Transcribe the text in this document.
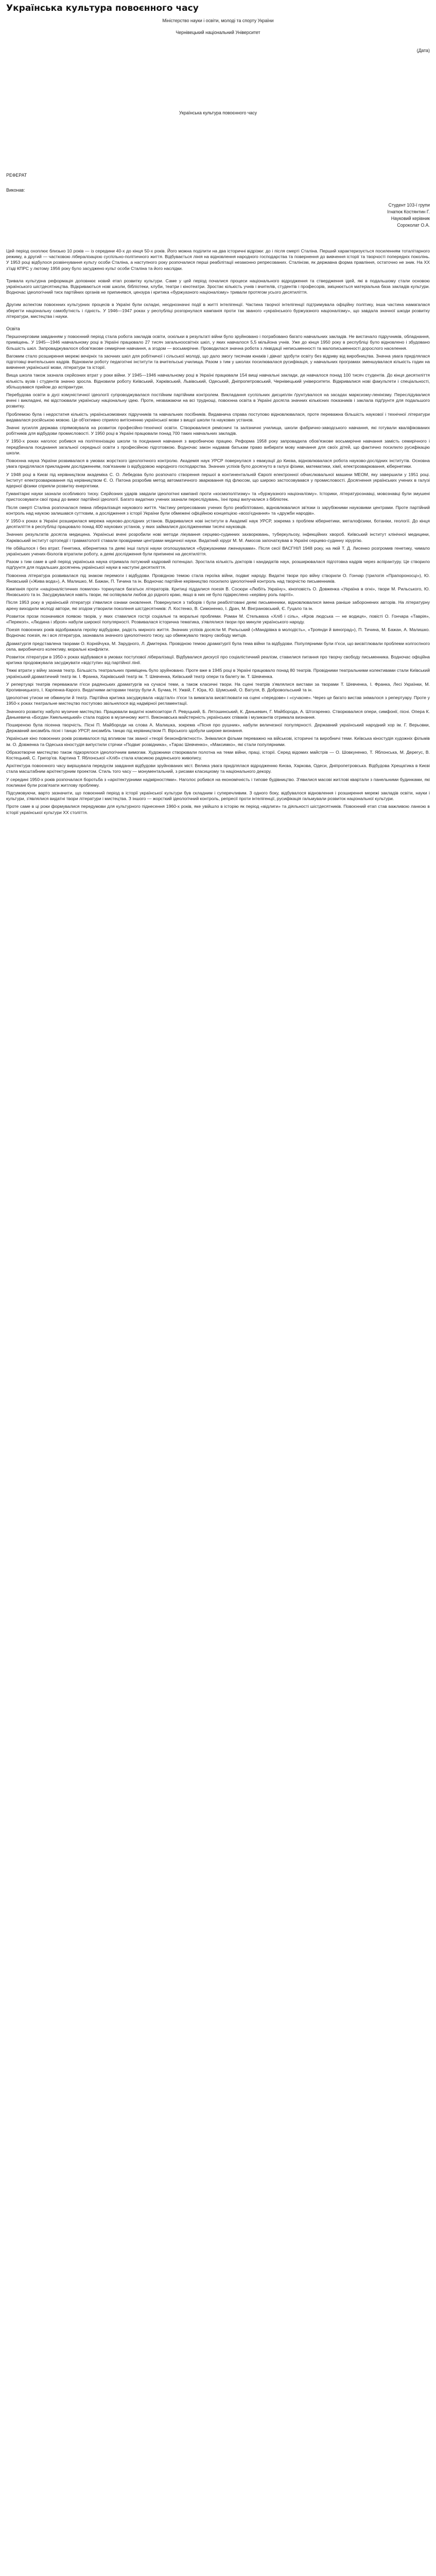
Українська культура повоєнного часу

Міністерство науки і освіти, молоді та спорту України

Чернівецький національний Університет

(Дата)

Українська культура повоєнного часу

РЕФЕРАТ

Виконав:

Студент 103-ї групи

Ігнатюк Костянтин Г.

Науковий керівник

Сороколат О.А.

Цей період охоплює близько 10 років — із середини 40-х до кінця 50-х років. Його можна поділити на два історичні відрізки: до і після смерті Сталіна. Перший характеризується посиленням тоталітарного режиму, а другий — частковою лібералізацією суспільно-політичного життя. Відбувається лінія на відновлення народного господарства та повернення до вивчення історії та творчості попередніх поколінь. У 1953 році відбулося розвінчування культу особи Сталіна, а наступного року розпочалися перші реабілітації незаконно репресованих. Сталінізм, як державна форма правління, остаточно не зник. На ХХ з'їзді КПРС у лютому 1956 року було засуджено культ особи Сталіна та його наслідки.

Тривала культурна реформація доповнює новий етап розвитку культури. Саме у цей період почалися процеси національного відродження та ствердження ідей, які в подальшому стали основою українського шістдесятництва. Відкриваються нові школи, бібліотеки, клуби, театри і кінотеатри. Зростає кількість учнів і вчителів, студентів і професорів, зміцнюється матеріальна база закладів культури. Водночас ідеологічний тиск партійних органів не припинявся, цензура і критика «буржуазного націоналізму» тривали протягом усього десятиліття.

Другим аспектом повоєнних культурних процесів в Україні були складні, неоднозначні події в житті інтелігенції. Частина творчої інтелігенції підтримувала офіційну політику, інша частина намагалася зберегти національну самобутність і гідність. У 1946—1947 роках у республіці розгорнулася кампанія проти так званого «українського буржуазного націоналізму», що завдала значної шкоди розвитку літератури, мистецтва і науки.

Освіта

Першочерговим завданням у повоєнний період стала робота закладів освіти, оскільки в результаті війни було зруйновано і пограбовано багато навчальних закладів. Не вистачало підручників, обладнання, приміщень. У 1945—1946 навчальному році в Україні працювало 27 тисяч загальноосвітніх шкіл, у яких навчалося 5,5 мільйона учнів. Уже до кінця 1950 року в республіці було відновлено і збудовано більшість шкіл. Запроваджувалося обов'язкове семирічне навчання, а згодом — восьмирічне. Проводилася значна робота з ліквідації неписьменності та малописьменності дорослого населення.

Вагомим стало розширення мережі вечірніх та заочних шкіл для робітничої і сільської молоді, що дало змогу тисячам юнаків і дівчат здобути освіту без відриву від виробництва. Значна увага приділялася підготовці вчительських кадрів. Відновили роботу педагогічні інститути та вчительські училища. Разом з тим у школах посилювалася русифікація, у навчальних програмах зменшувалася кількість годин на вивчення української мови, літератури та історії.

Вища школа також зазнала серйозних втрат у роки війни. У 1945—1946 навчальному році в Україні працювали 154 вищі навчальні заклади, де навчалося понад 100 тисяч студентів. До кінця десятиліття кількість вузів і студентів значно зросла. Відновили роботу Київський, Харківський, Львівський, Одеський, Дніпропетровський, Чернівецький університети. Відкривалися нові факультети і спеціальності, збільшувався прийом до аспірантури.

Перебудова освіти в дусі комуністичної ідеології супроводжувалася постійним партійним контролем. Викладання суспільних дисциплін ґрунтувалося на засадах марксизму-ленінізму. Переслідувалися вчені і викладачі, які відстоювали українську національну ідею. Проте, незважаючи на всі труднощі, повоєнна освіта в Україні досягла значних кількісних показників і заклала підґрунтя для подальшого розвитку.

Проблемою була і недостатня кількість українськомовних підручників та навчальних посібників. Видавнича справа поступово відновлювалася, проте переважна більшість наукової і технічної літератури видавалася російською мовою. Це об'єктивно сприяло витісненню української мови з вищої школи та наукових установ.

Значні зусилля держава спрямовувала на розвиток професійно-технічної освіти. Створювалися ремісничі та залізничні училища, школи фабрично-заводського навчання, які готували кваліфікованих робітників для відбудови промисловості. У 1950 році в Україні працювали понад 700 таких навчальних закладів.

У 1950-х роках наголос робився на політехнізацію школи та поєднання навчання з виробничою працею. Реформа 1958 року запровадила обов'язкове восьмирічне навчання замість семирічного і передбачала поєднання загальної середньої освіти з професійною підготовкою. Водночас закон надавав батькам право вибирати мову навчання для своїх дітей, що фактично посилило русифікацію школи.

Повоєнна наука України розвивалася в умовах жорсткого ідеологічного контролю. Академія наук УРСР повернулася з евакуації до Києва, відновлювалася робота науково-дослідних інститутів. Основна увага приділялася прикладним дослідженням, пов'язаним із відбудовою народного господарства. Значних успіхів було досягнуто в галузі фізики, математики, хімії, електрозварювання, кібернетики.

У 1948 році в Києві під керівництвом академіка С. О. Лебедєва було розпочато створення першої в континентальній Європі електронної обчислювальної машини МЕОМ, яку завершили у 1951 році. Інститут електрозварювання під керівництвом Є. О. Патона розробив метод автоматичного зварювання під флюсом, що широко застосовувався у промисловості. Досягнення українських учених в галузі ядерної фізики сприяли розвитку енергетики.

Гуманітарні науки зазнали особливого тиску. Серйозних ударів завдали ідеологічні кампанії проти «космополітизму» та «буржуазного націоналізму». Історики, літературознавці, мовознавці були змушені пристосовувати свої праці до вимог партійної ідеології. Багато видатних учених зазнали переслідувань, їхні праці вилучалися з бібліотек.

Після смерті Сталіна розпочалася певна лібералізація наукового життя. Частину репресованих учених було реабілітовано, відновлювалися зв'язки із зарубіжними науковими центрами. Проте партійний контроль над наукою залишався суттєвим, а дослідження з історії України були обмежені офіційною концепцією «возз'єднання» та «дружби народів».

У 1950-х роках в Україні розширилася мережа науково-дослідних установ. Відкривалися нові інститути в Академії наук УРСР, зокрема з проблем кібернетики, металофізики, ботаніки, геології. До кінця десятиліття в республіці працювало понад 400 наукових установ, у яких займалися дослідженнями тисячі науковців.

Значних результатів досягла медицина. Українські вчені розробили нові методи лікування серцево-судинних захворювань, туберкульозу, інфекційних хвороб. Київський інститут клінічної медицини, Харківський інститут ортопедії і травматології ставали провідними центрами медичної науки. Видатний хірург М. М. Амосов започаткував в Україні серцево-судинну хірургію.

Не обійшлося і без втрат. Генетика, кібернетика та деякі інші галузі науки оголошувалися «буржуазними лженауками». Після сесії ВАСГНІЛ 1948 року, на якій Т. Д. Лисенко розгромив генетику, чимало українських учених-біологів втратили роботу, а деякі дослідження були припинені на десятиліття.

Разом з тим саме в цей період українська наука отримала потужний кадровий потенціал. Зростала кількість докторів і кандидатів наук, розширювалася підготовка кадрів через аспірантуру. Це створило підґрунтя для подальших досягнень української науки в наступні десятиліття.

Повоєнна література розвивалася під знаком перемоги і відбудови. Провідною темою стала героїка війни, подвиг народу. Видатні твори про війну створили О. Гончар (трилогія «Прапороносці»), Ю. Яновський («Жива вода»), А. Малишко, М. Бажан, П. Тичина та ін. Водночас партійне керівництво посилило ідеологічний контроль над творчістю письменників.

Кампанія проти «націоналістичних помилок» торкнулася багатьох літераторів. Критиці піддалися поезія В. Сосюри «Любіть Україну», кіноповість О. Довженка «Україна в огні», твори М. Рильського, Ю. Яновського та ін. Засуджувалися навіть твори, які оспівували любов до рідного краю, якщо в них не було підкреслено «керівну роль партії».

Після 1953 року в українській літературі з'явилися ознаки оновлення. Повернулися з таборів і були реабілітовані деякі письменники, відновлювалися імена раніше заборонених авторів. На літературну арену виходили молоді автори, які згодом утворили покоління шістдесятників: Л. Костенко, В. Симоненко, І. Драч, М. Вінграновський, Є. Гуцало та ін.

Розвиток прози позначився появою творів, у яких ставилися гострі соціальні та моральні проблеми. Роман М. Стельмаха «Хліб і сіль», «Кров людська — не водиця», повісті О. Гончара «Таврія», «Перекоп», «Людина і зброя» набули широкої популярності. Розвивалася історична тематика, з'являлися твори про минуле українського народу.

Поезія повоєнних років відображала героїку відбудови, радість мирного життя. Значних успіхів досягли М. Рильський («Мандрівка в молодість», «Троянди й виноград»), П. Тичина, М. Бажан, А. Малишко. Водночас поезія, як і вся література, зазнавала значного ідеологічного тиску, що обмежувало творчу свободу митців.

Драматургія представлена творами О. Корнійчука, М. Зарудного, Л. Дмитерка. Провідною темою драматургії була тема війни та відбудови. Популярними були п'єси, що висвітлювали проблеми колгоспного села, виробничого колективу, моральні конфлікти.

Розвиток літератури в 1950-х роках відбувався в умовах поступової лібералізації. Відбувалися дискусії про соціалістичний реалізм, ставилися питання про творчу свободу письменника. Водночас офіційна критика продовжувала засуджувати «відступи» від партійної лінії.

Тяжкі втрати у війну зазнав театр. Більшість театральних приміщень було зруйновано. Проте вже в 1945 році в Україні працювало понад 80 театрів. Провідними театральними колективами стали Київський український драматичний театр ім. І. Франка, Харківський театр ім. Т. Шевченка, Київський театр опери та балету ім. Т. Шевченка.

У репертуарі театрів переважали п'єси радянських драматургів на сучасні теми, а також класичні твори. На сцені театрів з'являлися вистави за творами Т. Шевченка, І. Франка, Лесі Українки, М. Кропивницького, І. Карпенка-Карого. Видатними акторами театру були А. Бучма, Н. Ужвій, Г. Юра, Ю. Шумський, О. Ватуля, В. Добровольський та ін.

Ідеологічні утиски не обминули й театр. Партійна критика засуджувала «відсталі» п'єси та вимагала висвітлювати на сцені «передове» і «сучасне». Через це багато вистав знімалося з репертуару. Проте у 1950-х роках театральне мистецтво поступово звільнялося від надмірної регламентації.

Значного розвитку набуло музичне мистецтво. Працювали видатні композитори Л. Ревуцький, Б. Лятошинський, К. Данькевич, Г. Майборода, А. Штогаренко. Створювалися опери, симфонії, пісні. Опера К. Данькевича «Богдан Хмельницький» стала подією в музичному житті. Виконавська майстерність українських співаків і музикантів отримала визнання.

Поширеною була пісенна творчість. Пісні П. Майбороди на слова А. Малишка, зокрема «Пісня про рушник», набули величезної популярності. Державний український народний хор ім. Г. Верьовки, Державний ансамбль пісні і танцю УРСР, ансамбль танцю під керівництвом П. Вірського здобули широке визнання.

Українське кіно повоєнних років розвивалося під впливом так званої «теорії безконфліктності». Знімалися фільми переважно на військові, історичні та виробничі теми. Київська кіностудія художніх фільмів ім. О. Довженка та Одеська кіностудія випустили стрічки «Подвиг розвідника», «Тарас Шевченко», «Максимко», які стали популярними.

Образотворче мистецтво також підкорялося ідеологічним вимогам. Художники створювали полотна на теми війни, праці, історії. Серед відомих майстрів — О. Шовкуненко, Т. Яблонська, М. Дерегус, В. Костецький, С. Григор'єв. Картина Т. Яблонської «Хліб» стала класикою радянського живопису.

Архітектура повоєнного часу вирішувала передусім завдання відбудови зруйнованих міст. Велика увага приділялася відродженню Києва, Харкова, Одеси, Дніпропетровська. Відбудова Хрещатика в Києві стала масштабним архітектурним проектом. Стиль того часу — монументальний, з рисами класицизму та національного декору.

У середині 1950-х років розпочалася боротьба з «архітектурними надмірностями». Наголос робився на економічність і типове будівництво. З'явилися масові житлові квартали з панельними будинками, які покликані були розв'язати житлову проблему.

Підсумовуючи, варто зазначити, що повоєнний період в історії української культури був складним і суперечливим. З одного боку, відбувалося відновлення і розширення мережі закладів освіти, науки і культури, з'являлися видатні твори літератури і мистецтва. З іншого — жорсткий ідеологічний контроль, репресії проти інтелігенції, русифікація гальмували розвиток національної культури.

Проте саме в ці роки формувалися передумови для культурного піднесення 1960-х років, яке увійшло в історію як період «відлиги» та діяльності шістдесятників. Повоєнний етап став важливою ланкою в історії української культури XX століття.
